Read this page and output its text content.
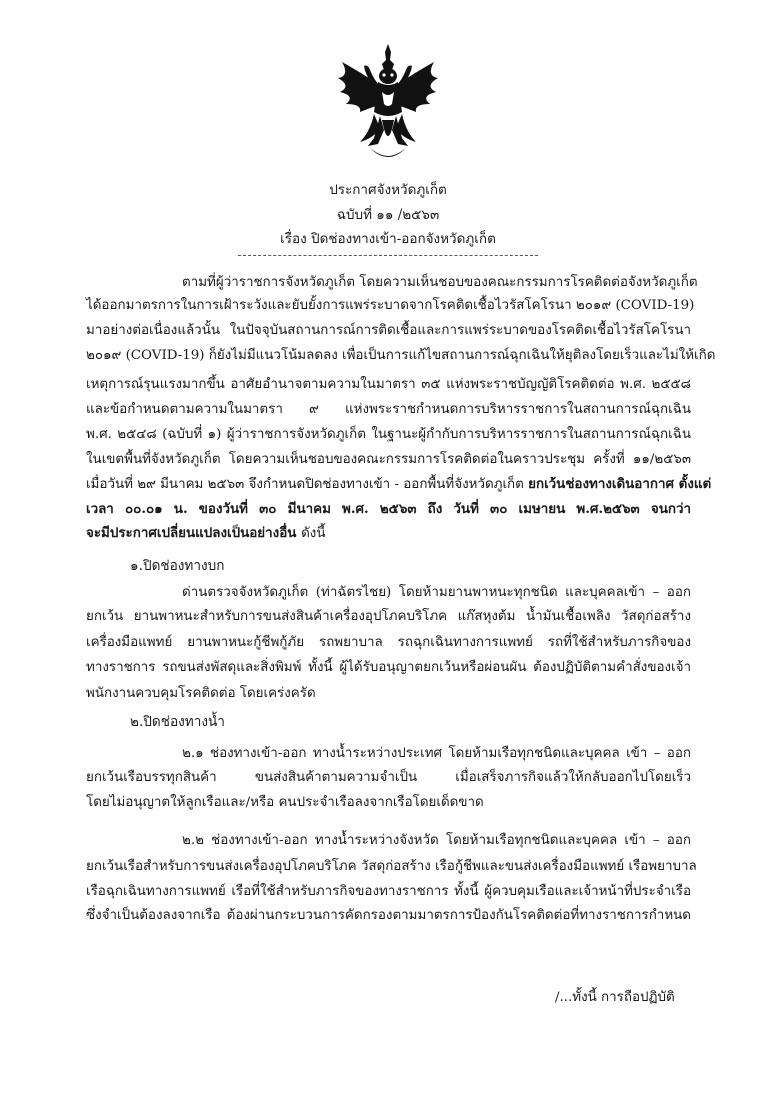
ประกาศจังหวัดภูเก็ต
ฉบับที่ ๑๑ /๒๕๖๓
เรื่อง ปิดช่องทางเข้า-ออกจังหวัดภูเก็ต
ตามที่ผู้ว่าราชการจังหวัดภูเก็ต โดยความเห็นชอบของคณะกรรมการโรคติดต่อจังหวัดภูเก็ต
ได้ออกมาตรการในการเฝ้าระวังและยับยั้งการแพร่ระบาดจากโรคติดเชื้อไวรัสโคโรนา ๒๐๑๙ (COVID-19)
มาอย่างต่อเนื่องแล้วนั้น ในปัจจุบันสถานการณ์การติดเชื้อและการแพร่ระบาดของโรคติดเชื้อไวรัสโคโรนา
๒๐๑๙ (COVID-19) ก็ยังไม่มีแนวโน้มลดลง เพื่อเป็นการแก้ไขสถานการณ์ฉุกเฉินให้ยุติลงโดยเร็วและไม่ให้เกิด
เหตุการณ์รุนแรงมากขึ้น อาศัยอำนาจตามความในมาตรา ๓๕ แห่งพระราชบัญญัติโรคติดต่อ พ.ศ. ๒๕๕๘
และข้อกำหนดตามความในมาตรา ๙ แห่งพระราชกำหนดการบริหารราชการในสถานการณ์ฉุกเฉิน
พ.ศ. ๒๕๔๘ (ฉบับที่ ๑) ผู้ว่าราชการจังหวัดภูเก็ต ในฐานะผู้กำกับการบริหารราชการในสถานการณ์ฉุกเฉิน
ในเขตพื้นที่จังหวัดภูเก็ต โดยความเห็นชอบของคณะกรรมการโรคติดต่อในคราวประชุม ครั้งที่ ๑๑/๒๕๖๓
เมื่อวันที่ ๒๙ มีนาคม ๒๕๖๓ จึงกำหนดปิดช่องทางเข้า - ออกพื้นที่จังหวัดภูเก็ต ยกเว้นช่องทางเดินอากาศ ตั้งแต่
เวลา ๐๐.๐๑ น. ของวันที่ ๓๐ มีนาคม พ.ศ. ๒๕๖๓ ถึง วันที่ ๓๐ เมษายน พ.ศ.๒๕๖๓ จนกว่า
จะมีประกาศเปลี่ยนแปลงเป็นอย่างอื่น ดังนี้
๑.ปิดช่องทางบก
ด่านตรวจจังหวัดภูเก็ต (ท่าฉัตรไชย) โดยห้ามยานพาหนะทุกชนิด และบุคคลเข้า – ออก
ยกเว้น ยานพาหนะสำหรับการขนส่งสินค้าเครื่องอุปโภคบริโภค แก๊สหุงต้ม น้ำมันเชื้อเพลิง วัสดุก่อสร้าง
เครื่องมือแพทย์ ยานพาหนะกู้ชีพกู้ภัย รถพยาบาล รถฉุกเฉินทางการแพทย์ รถที่ใช้สำหรับภารกิจของ
ทางราชการ รถขนส่งพัสดุและสิ่งพิมพ์ ทั้งนี้ ผู้ได้รับอนุญาตยกเว้นหรือผ่อนผัน ต้องปฏิบัติตามคำสั่งของเจ้า
พนักงานควบคุมโรคติดต่อ โดยเคร่งครัด
๒.ปิดช่องทางน้ำ
๒.๑ ช่องทางเข้า-ออก ทางน้ำระหว่างประเทศ โดยห้ามเรือทุกชนิดและบุคคล เข้า – ออก
ยกเว้นเรือบรรทุกสินค้า ขนส่งสินค้าตามความจำเป็น เมื่อเสร็จภารกิจแล้วให้กลับออกไปโดยเร็ว
โดยไม่อนุญาตให้ลูกเรือและ/หรือ คนประจำเรือลงจากเรือโดยเด็ดขาด
๒.๒ ช่องทางเข้า-ออก ทางน้ำระหว่างจังหวัด โดยห้ามเรือทุกชนิดและบุคคล เข้า – ออก
ยกเว้นเรือสำหรับการขนส่งเครื่องอุปโภคบริโภค วัสดุก่อสร้าง เรือกู้ชีพและขนส่งเครื่องมือแพทย์ เรือพยาบาล
เรือฉุกเฉินทางการแพทย์ เรือที่ใช้สำหรับภารกิจของทางราชการ ทั้งนี้ ผู้ควบคุมเรือและเจ้าหน้าที่ประจำเรือ
ซึ่งจำเป็นต้องลงจากเรือ ต้องผ่านกระบวนการคัดกรองตามมาตรการป้องกันโรคติดต่อที่ทางราชการกำหนด
/...ทั้งนี้ การถือปฏิบัติ
